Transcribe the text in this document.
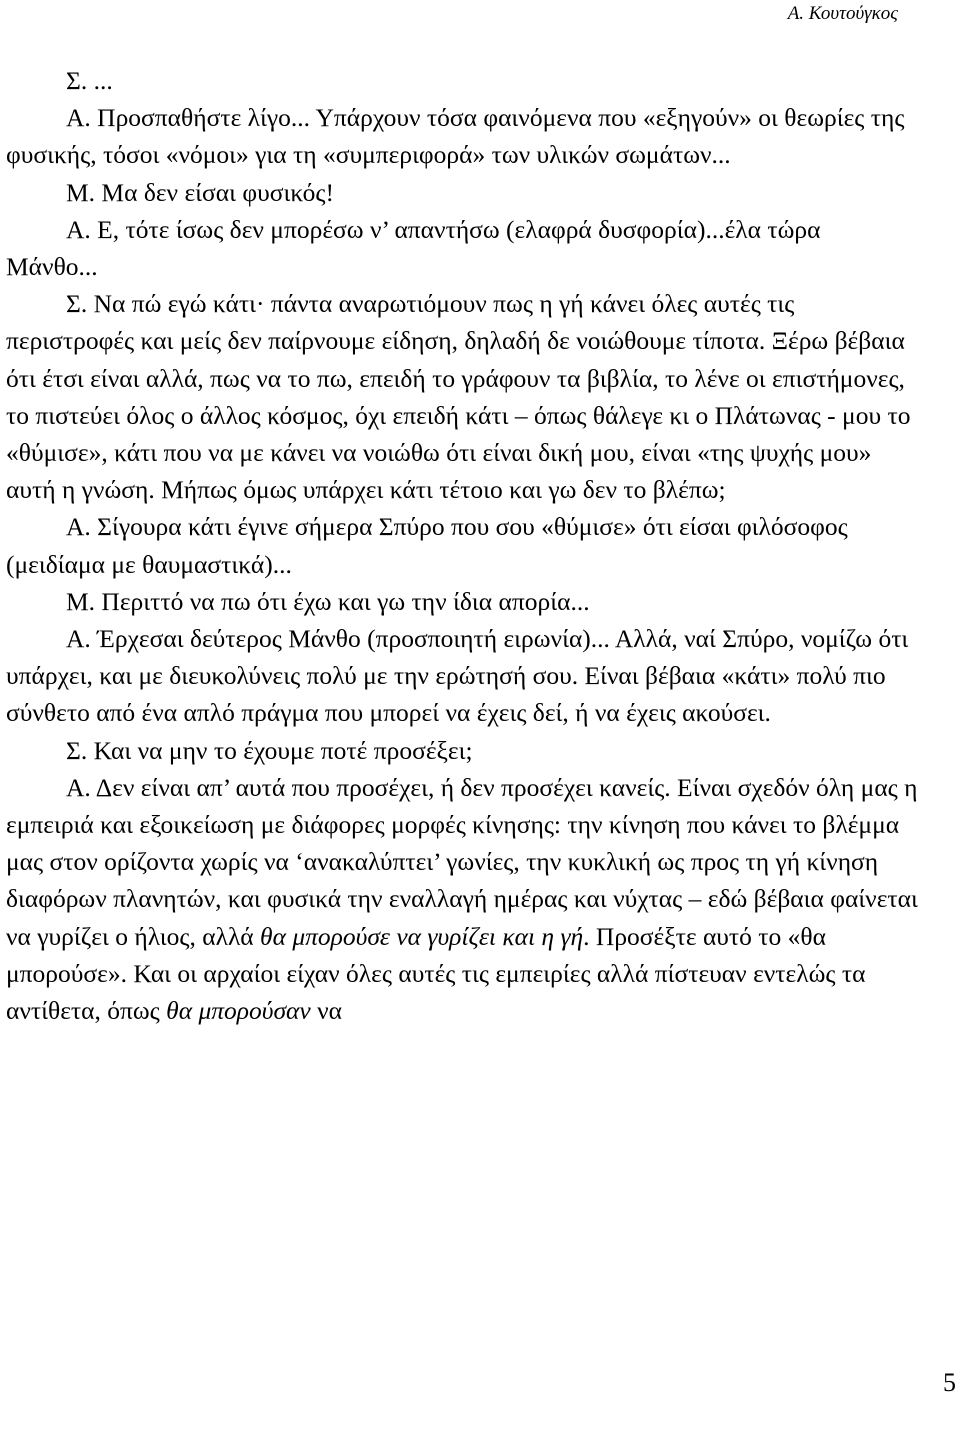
Α. Κουτούγκος

Σ. ...

Α. Προσπαθήστε λίγο... Υπάρχουν τόσα φαινόμενα που «εξηγούν» οι θεωρίες της φυσικής, τόσοι «νόμοι» για τη «συμπεριφορά» των υλικών σωμάτων...

Μ. Μα δεν είσαι φυσικός!

Α. Ε, τότε ίσως δεν μπορέσω ν’ απαντήσω (ελαφρά δυσφορία)...έλα τώρα Μάνθο...

Σ. Να πώ εγώ κάτι· πάντα αναρωτιόμουν πως η γή κάνει όλες αυτές τις περιστροφές και μείς δεν παίρνουμε είδηση, δηλαδή δε νοιώθουμε τίποτα. Ξέρω βέβαια ότι έτσι είναι αλλά, πως να το πω, επειδή το γράφουν τα βιβλία, το λένε οι επιστήμονες, το πιστεύει όλος ο άλλος κόσμος, όχι επειδή κάτι – όπως θάλεγε κι ο Πλάτωνας - μου το «θύμισε», κάτι που να με κάνει να νοιώθω ότι είναι δική μου, είναι «της ψυχής μου» αυτή η γνώση. Μήπως όμως υπάρχει κάτι τέτοιο και γω δεν το βλέπω;

Α. Σίγουρα κάτι έγινε σήμερα Σπύρο που σου «θύμισε» ότι είσαι φιλόσοφος (μειδίαμα με θαυμαστικά)...

Μ. Περιττό να πω ότι έχω και γω την ίδια απορία...

Α. Έρχεσαι δεύτερος Μάνθο (προσποιητή ειρωνία)... Αλλά, ναί Σπύρο, νομίζω ότι υπάρχει, και με διευκολύνεις πολύ με την ερώτησή σου. Είναι βέβαια «κάτι» πολύ πιο σύνθετο από ένα απλό πράγμα που μπορεί να έχεις δεί, ή να έχεις ακούσει.

Σ. Και να μην το έχουμε ποτέ προσέξει;

Α. Δεν είναι απ’ αυτά που προσέχει, ή δεν προσέχει κανείς. Είναι σχεδόν όλη μας η εμπειριά και εξοικείωση με διάφορες μορφές κίνησης: την κίνηση που κάνει το βλέμμα μας στον ορίζοντα χωρίς να ‘ανακαλύπτει’ γωνίες, την κυκλική ως προς τη γή κίνηση διαφόρων πλανητών, και φυσικά την εναλλαγή ημέρας και νύχτας – εδώ βέβαια φαίνεται να γυρίζει ο ήλιος, αλλά θα μπορούσε να γυρίζει και η γή. Προσέξτε αυτό το «θα μπορούσε». Και οι αρχαίοι είχαν όλες αυτές τις εμπειρίες αλλά πίστευαν εντελώς τα αντίθετα, όπως θα μπορούσαν να

5
